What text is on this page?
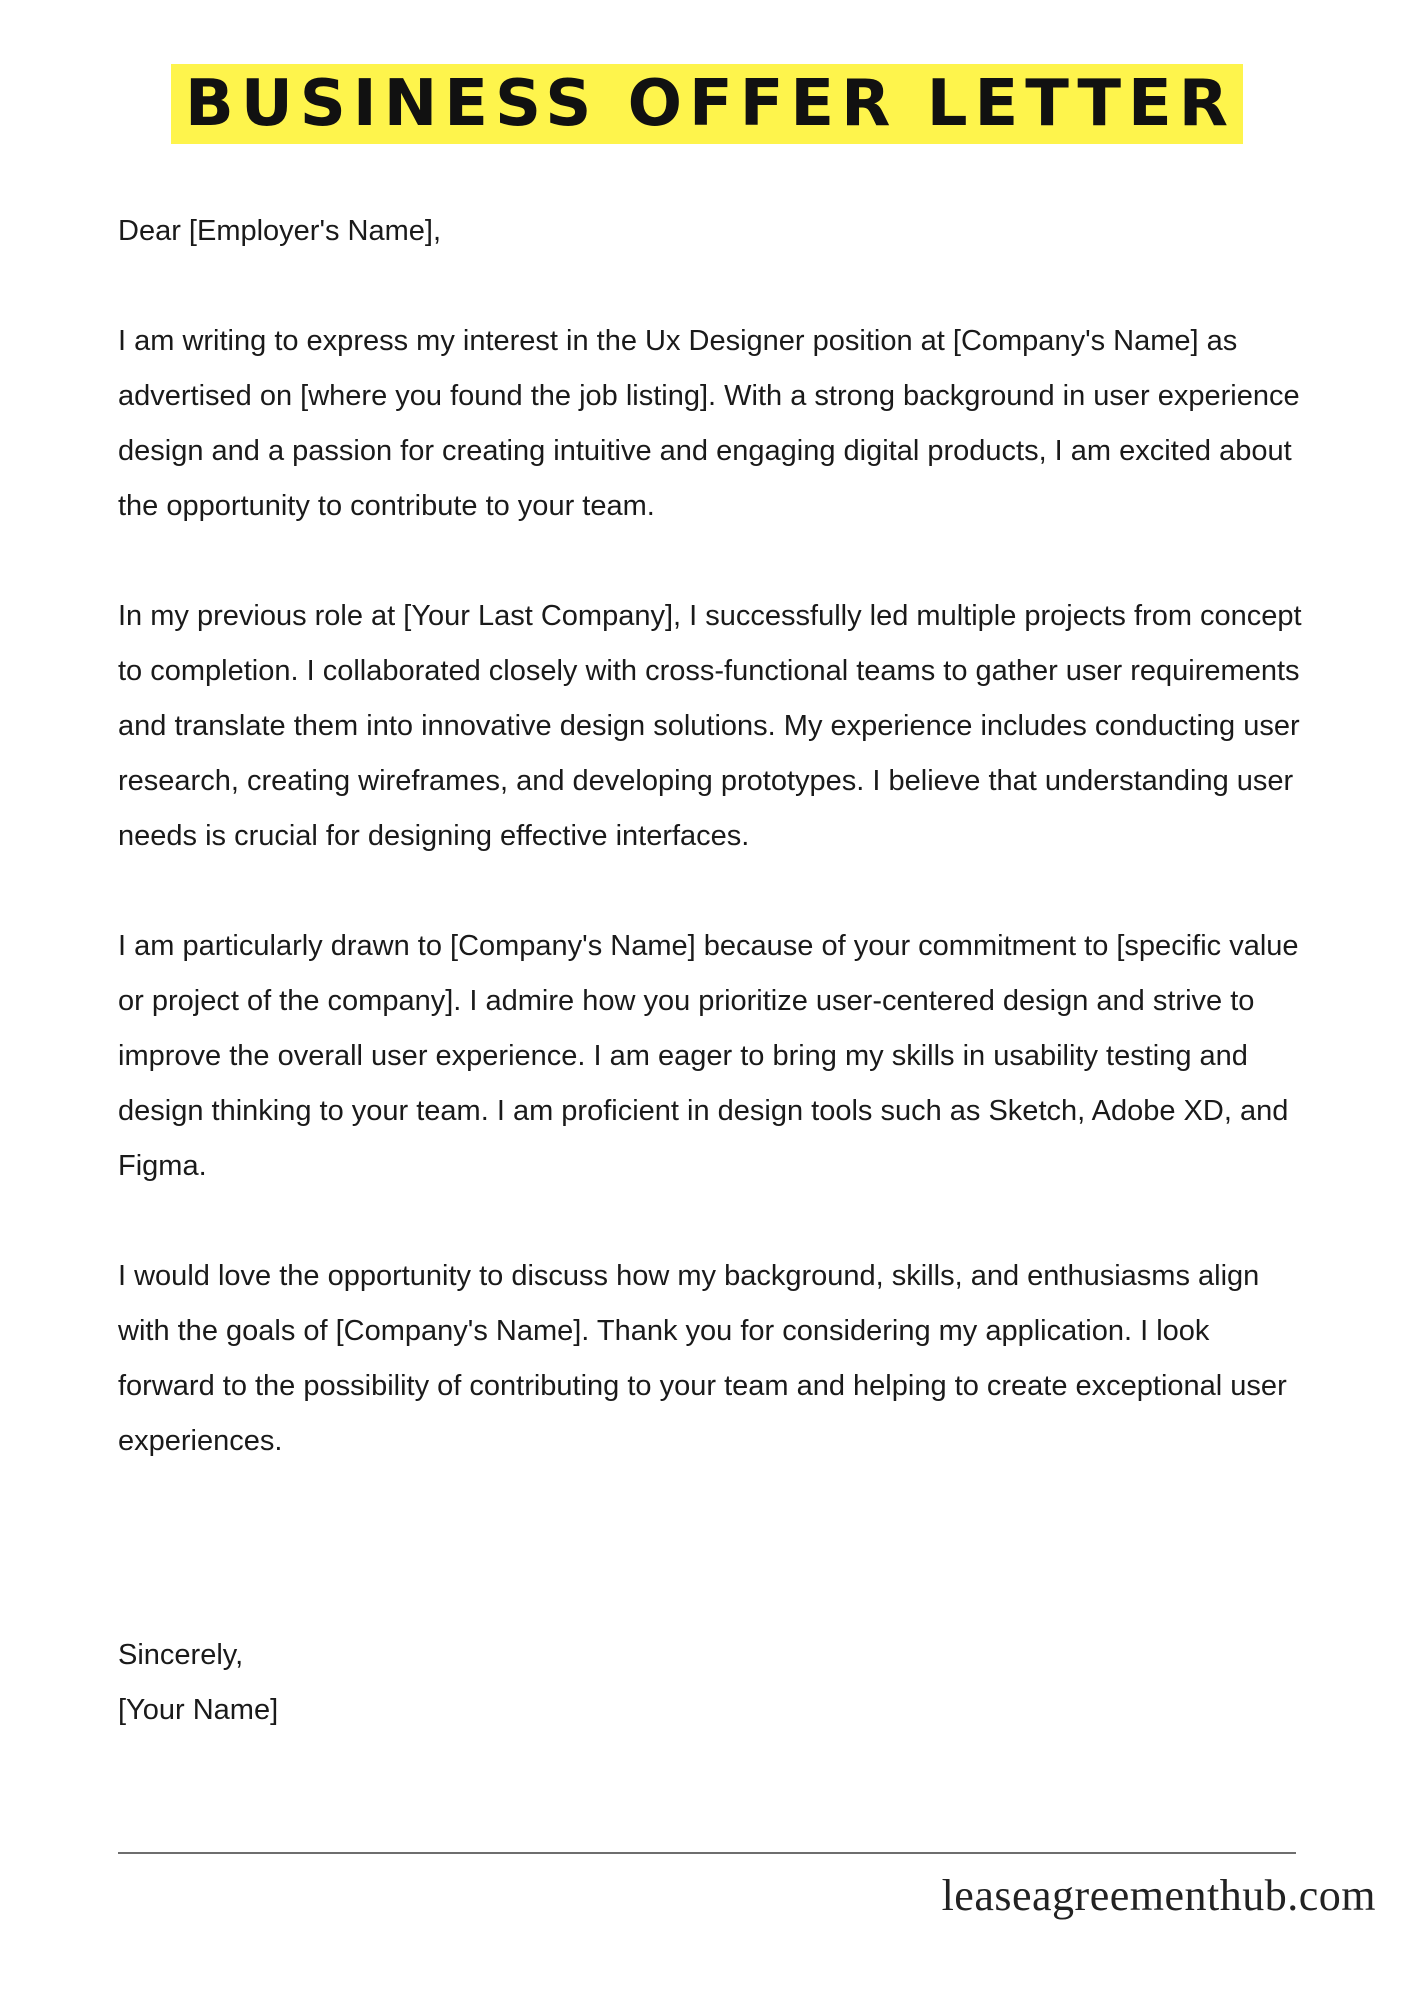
BUSINESS OFFER LETTER

Dear [Employer's Name],

I am writing to express my interest in the Ux Designer position at [Company's Name] as advertised on [where you found the job listing]. With a strong background in user experience design and a passion for creating intuitive and engaging digital products, I am excited about the opportunity to contribute to your team.

In my previous role at [Your Last Company], I successfully led multiple projects from concept to completion. I collaborated closely with cross-functional teams to gather user requirements and translate them into innovative design solutions. My experience includes conducting user research, creating wireframes, and developing prototypes. I believe that understanding user needs is crucial for designing effective interfaces.

I am particularly drawn to [Company's Name] because of your commitment to [specific value or project of the company]. I admire how you prioritize user-centered design and strive to improve the overall user experience. I am eager to bring my skills in usability testing and design thinking to your team. I am proficient in design tools such as Sketch, Adobe XD, and Figma.

I would love the opportunity to discuss how my background, skills, and enthusiasms align with the goals of [Company's Name]. Thank you for considering my application. I look forward to the possibility of contributing to your team and helping to create exceptional user experiences.

Sincerely,
[Your Name]
leaseagreementhub.com
